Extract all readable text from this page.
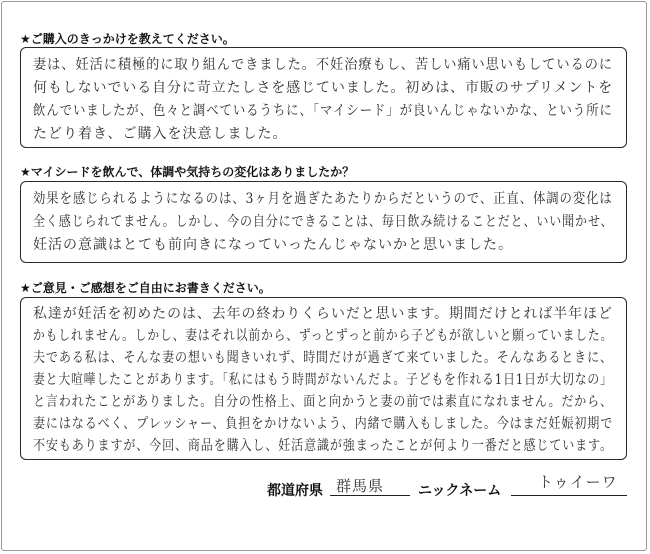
★ご購入のきっかけを教えてください。
妻は、妊活に積極的に取り組んできました。不妊治療もし、苦しい痛い思いもしているのに
何もしないでいる自分に苛立たしさを感じていました。初めは、市販のサプリメントを
飲んでいましたが、色々と調べているうちに、「マイシード」が良いんじゃないかな、という所に
たどり着き、ご購入を決意しました。
★マイシードを飲んで、体調や気持ちの変化はありましたか？
効果を感じられるようになるのは、3ヶ月を過ぎたあたりからだというので、正直、体調の変化は
全く感じられてません。しかし、今の自分にできることは、毎日飲み続けることだと、いい聞かせ、
妊活の意識はとても前向きになっていったんじゃないかと思いました。
★ご意見・ご感想をご自由にお書きください。
私達が妊活を初めたのは、去年の終わりくらいだと思います。期間だけとれば半年ほど
かもしれません。しかし、妻はそれ以前から、ずっとずっと前から子どもが欲しいと願っていました。
夫である私は、そんな妻の想いも聞きいれず、時間だけが過ぎて来ていました。そんなあるときに、
妻と大喧嘩したことがあります。「私にはもう時間がないんだよ。子どもを作れる1日1日が大切なの」
と言われたことがありました。自分の性格上、面と向かうと妻の前では素直になれません。だから、
妻にはなるべく、プレッシャー、負担をかけないよう、内緒で購入もしました。今はまだ妊娠初期で
不安もありますが、今回、商品を購入し、妊活意識が強まったことが何より一番だと感じています。
都道府県 群馬県 ニックネーム トゥイーワ
